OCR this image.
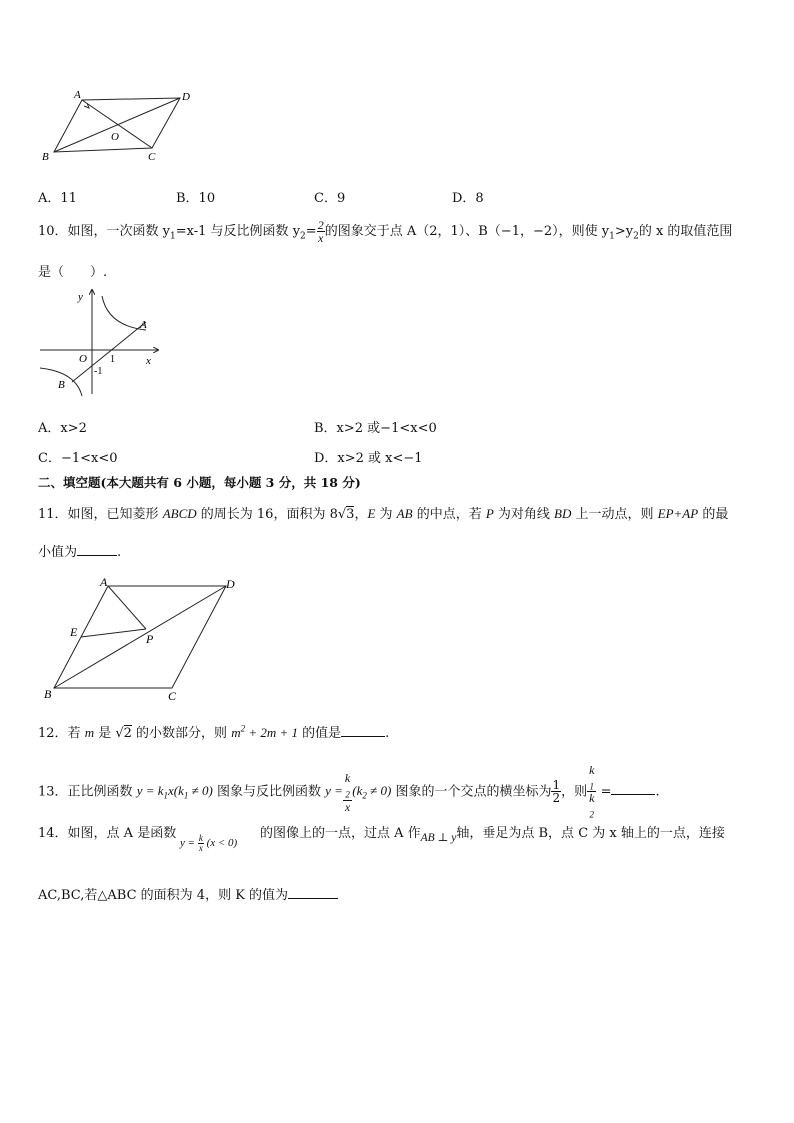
A	D
O
B	C
A．11	B．10	C．9	D．8
10．如图，一次函数 $y_1=x-1$ 与反比例函数 $y_2= \frac{2}{x}$ 的图象交于点 A（2，1）、B（−1，−2），则使 $y_1>y_2$的 x 的取值范围
是（　　）.
y
x
O 1
-1
A
B
A．x>2	B．x>2 或−1<x<0
C．−1<x<0	D．x>2 或 x<−1
二、填空题(本大题共有 6 小题，每小题 3 分，共 18 分)
11．如图，已知菱形 ABCD 的周长为 16，面积为 8√3，E 为 AB 的中点，若 P 为对角线 BD 上一动点，则 EP+AP 的最
小值为	.
A	D
E	P
B	C
12．若 m 是 √2 的小数部分，则 $m^2 + 2m + 1$ 的值是	.
13．正比例函数 $y = k_1x(k_1 \ne 0)$ 图象与反比例函数 y = k
$_2$
x $(k_2 \ne 0)$ 图象的一个交点的横坐标为 $\frac{1}{2}$ ，则 k
$_1$
k
$_2$ =	.
14．如图，点 A 是函数
$y = \frac{k}{x} (x < 0)$
的图像上的一点，过点 A 作AB ⊥ y轴，垂足为点 B，点 C 为 x 轴上的一点，连接
AC,BC,若△ABC 的面积为 4，则 K 的值为
